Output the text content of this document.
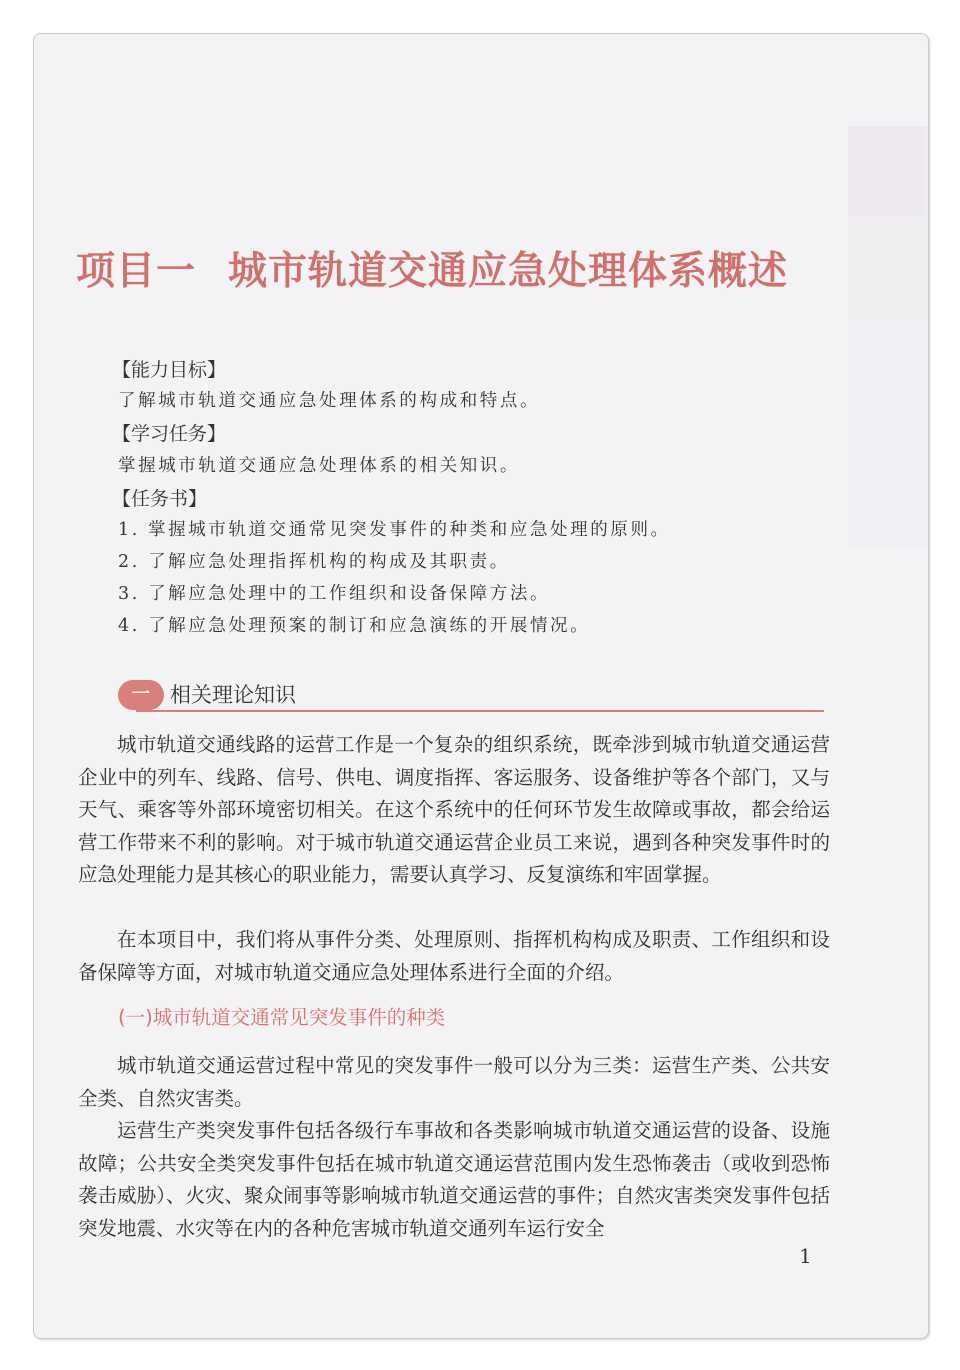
项目一 城市轨道交通应急处理体系概述
【能力目标】
了解城市轨道交通应急处理体系的构成和特点。
【学习任务】
掌握城市轨道交通应急处理体系的相关知识。
【任务书】
1. 掌握城市轨道交通常见突发事件的种类和应急处理的原则。
2. 了解应急处理指挥机构的构成及其职责。
3. 了解应急处理中的工作组织和设备保障方法。
4. 了解应急处理预案的制订和应急演练的开展情况。
一 相关理论知识

城市轨道交通线路的运营工作是一个复杂的组织系统，既牵涉到城市轨道交通运营企业中的列车、线路、信号、供电、调度指挥、客运服务、设备维护等各个部门，又与天气、乘客等外部环境密切相关。在这个系统中的任何环节发生故障或事故，都会给运营工作带来不利的影响。对于城市轨道交通运营企业员工来说，遇到各种突发事件时的应急处理能力是其核心的职业能力，需要认真学习、反复演练和牢固掌握。

在本项目中，我们将从事件分类、处理原则、指挥机构构成及职责、工作组织和设备保障等方面，对城市轨道交通应急处理体系进行全面的介绍。

(一)城市轨道交通常见突发事件的种类

城市轨道交通运营过程中常见的突发事件一般可以分为三类：运营生产类、公共安全类、自然灾害类。

运营生产类突发事件包括各级行车事故和各类影响城市轨道交通运营的设备、设施故障；公共安全类突发事件包括在城市轨道交通运营范围内发生恐怖袭击（或收到恐怖袭击威胁）、火灾、聚众闹事等影响城市轨道交通运营的事件；自然灾害类突发事件包括突发地震、水灾等在内的各种危害城市轨道交通列车运行安全

1
